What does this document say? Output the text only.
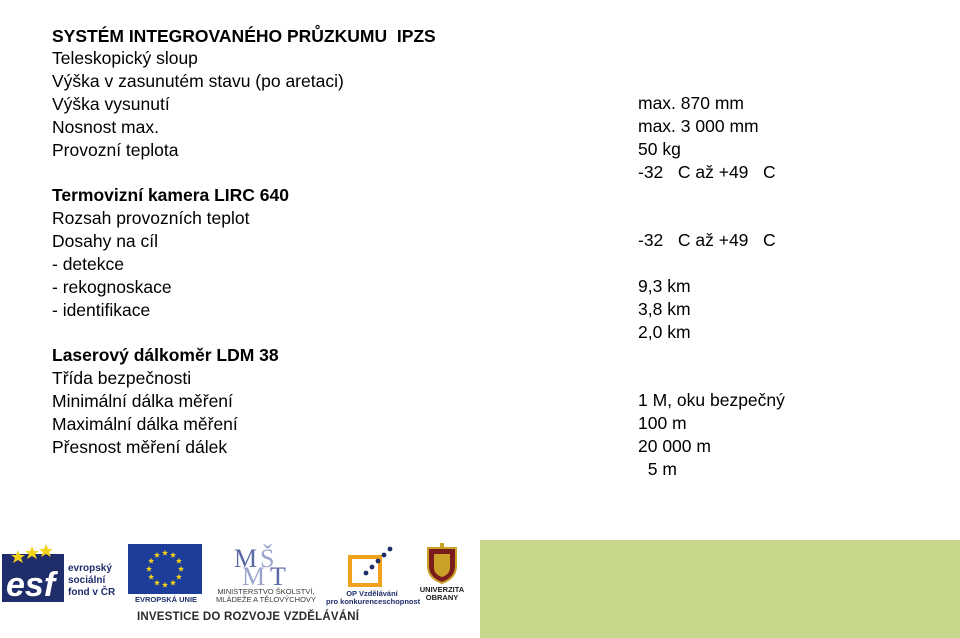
SYSTÉM INTEGROVANÉHO PRŮZKUMU  IPZS

Teleskopický sloup

Výška v zasunutém stavu (po aretaci)

max. 870 mm

Výška vysunutí

max. 3 000 mm

Nosnost max.

50 kg

Provozní teplota

-32   C až +49   C

Termovizní kamera LIRC 640

Rozsah provozních teplot

-32   C až +49   C

Dosahy na cíl

- detekce

9,3 km

- rekognoskace

3,8 km

- identifikace

2,0 km

Laserový dálkoměr LDM 38

Třída bezpečnosti

1 M, oku bezpečný

Minimální dálka měření

100 m

Maximální dálka měření

20 000 m

Přesnost měření dálek

5 m

esf	evropský
sociální
fond v ČR
EVROPSKÁ UNIE
M Š
M T
MINISTERSTVO ŠKOLSTVÍ,
MLÁDEŽE A TĚLOVÝCHOVY
OP Vzdělávání
pro konkurenceschopnost
UNIVERZITA
OBRANY
INVESTICE DO ROZVOJE VZDĚLÁVÁNÍ
